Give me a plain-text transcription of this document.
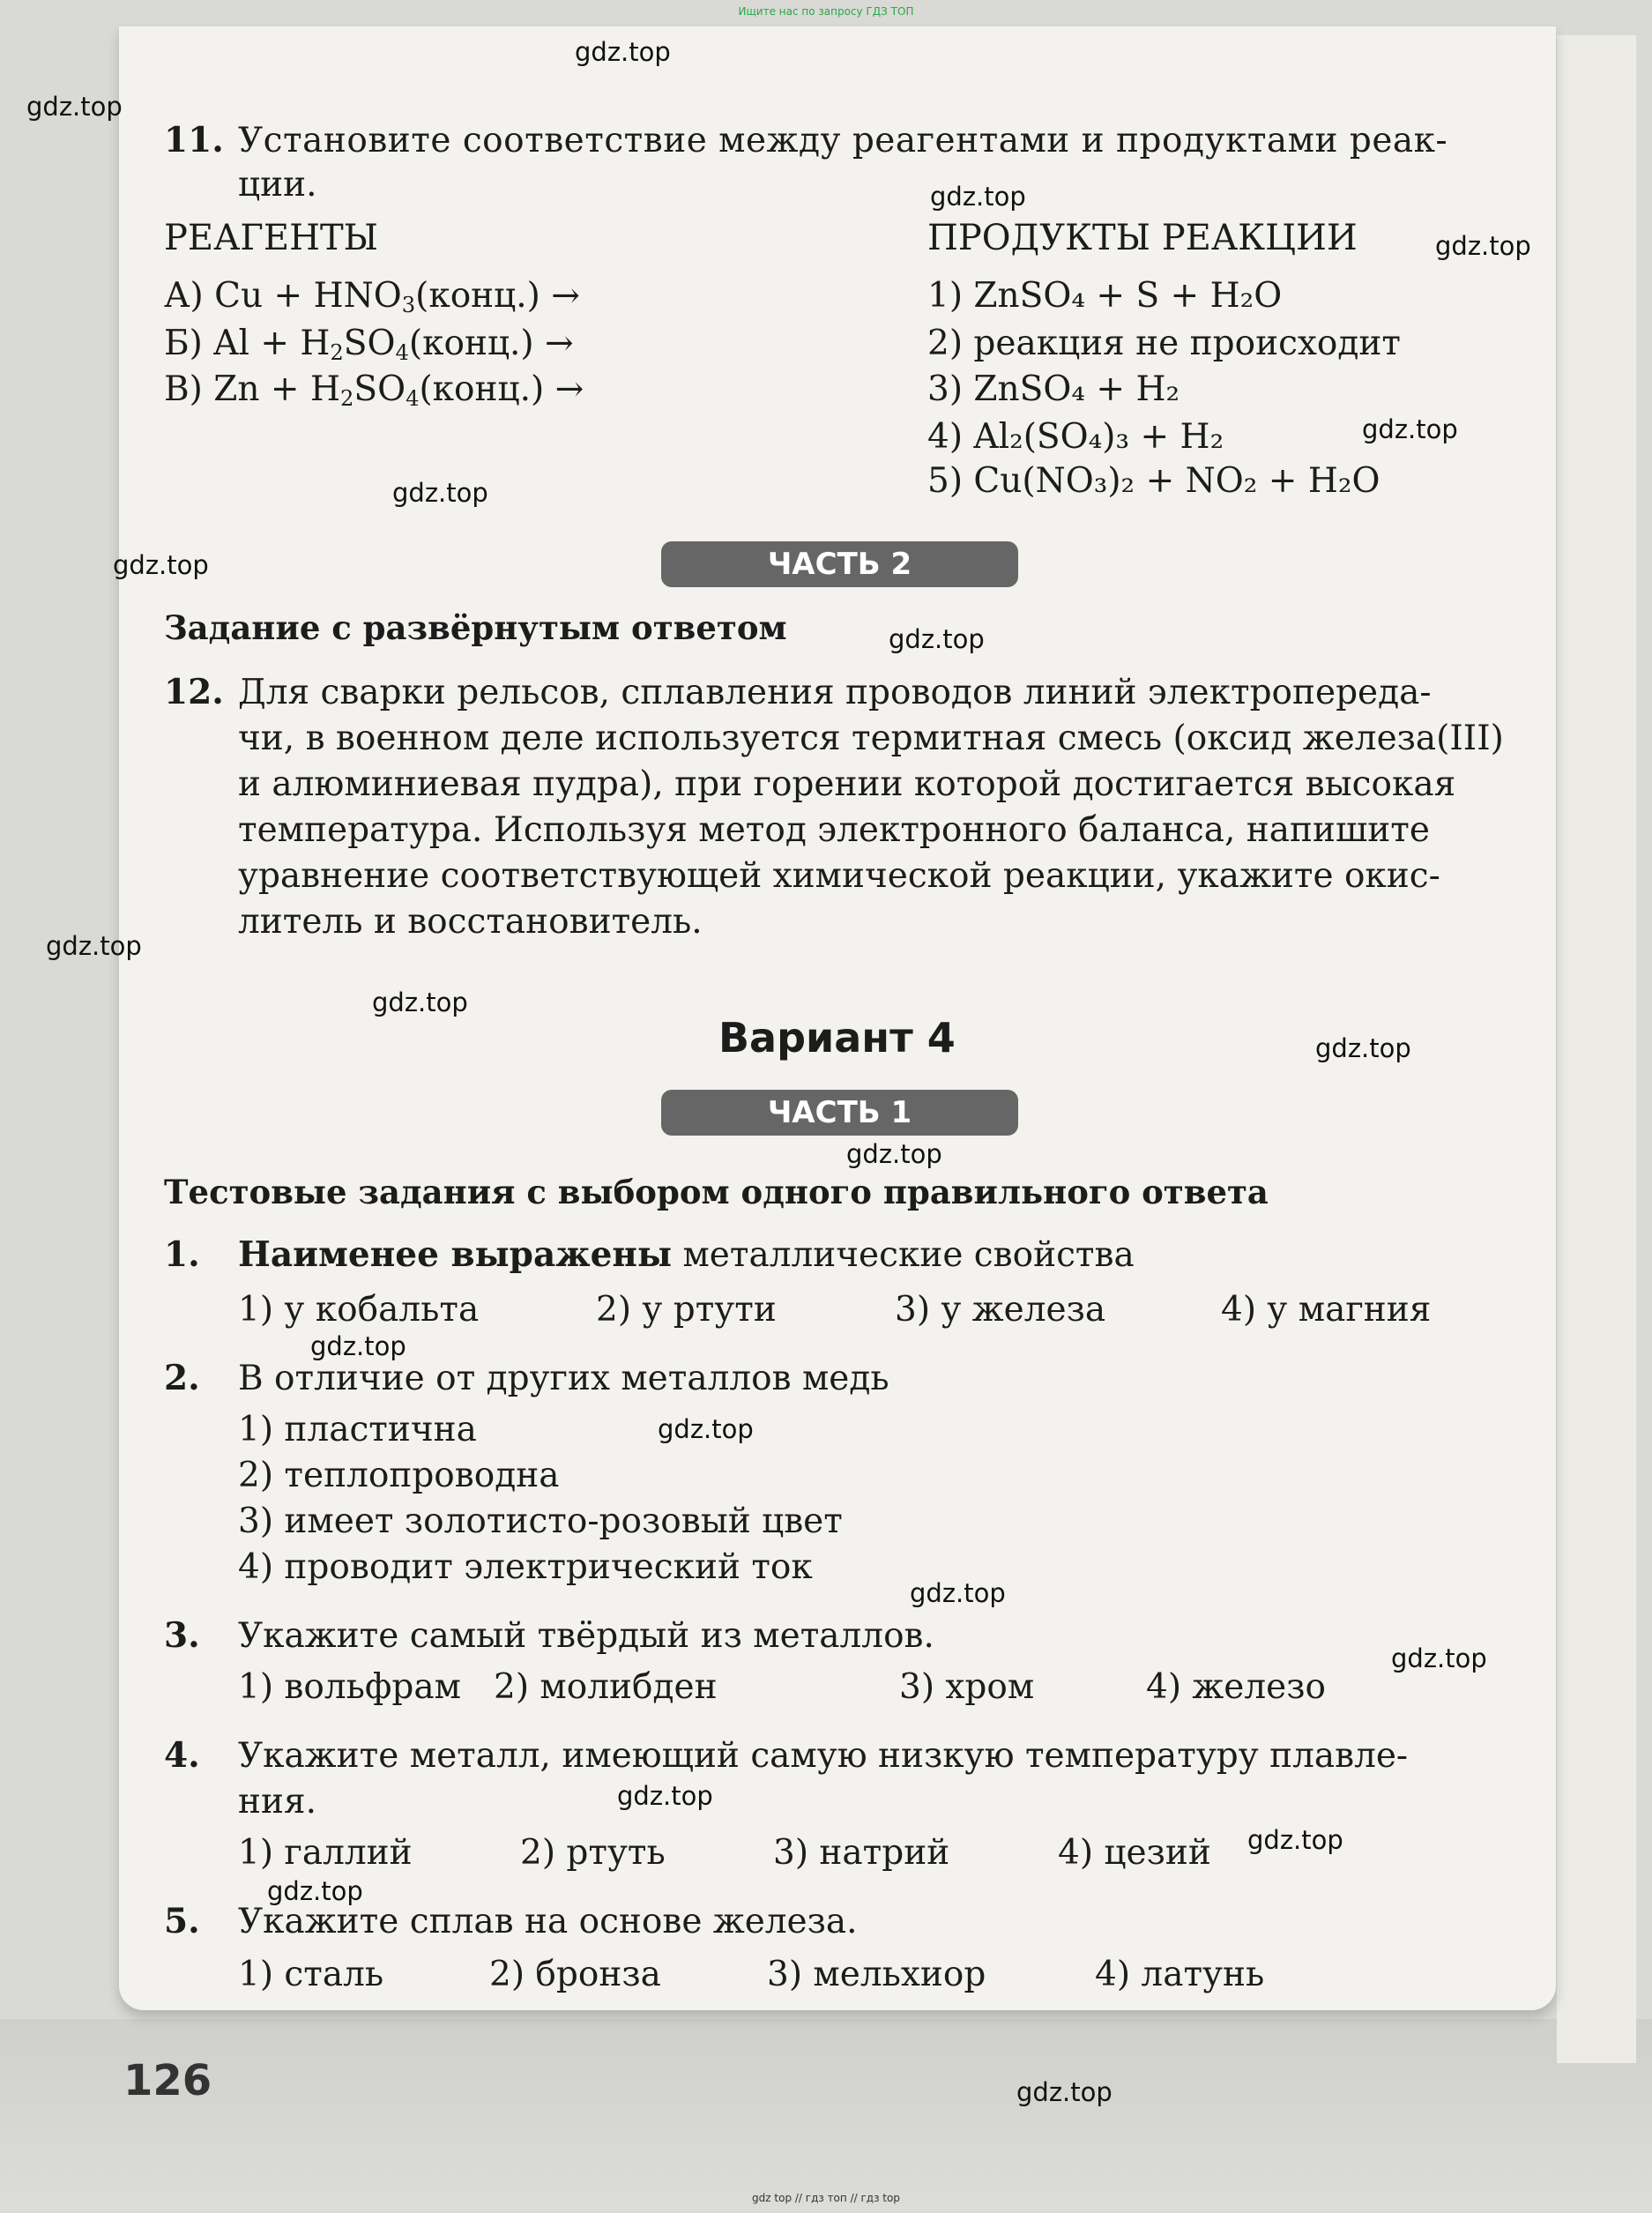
Ищите нас по запросу ГДЗ ТОП
gdz.top
gdz.top
gdz.top
gdz.top
gdz.top
gdz.top
gdz.top
gdz.top
gdz.top
gdz.top
gdz.top
gdz.top
gdz.top
gdz.top
gdz.top
gdz.top
gdz.top
gdz.top
gdz.top
gdz.top
11. Установите соответствие между реагентами и продуктами реак-
ции.
РЕАГЕНТЫ	ПРОДУКТЫ РЕАКЦИИ
А) $Cu + HNO_3(конц.)$ →
Б) $Al + H_2SO_4(конц.)$ →
В) $Zn + H_2SO_4(конц.)$ →
1) ZnSO₄ + S + H₂O
2) реакция не происходит
3) ZnSO₄ + H₂
4) Al₂(SO₄)₃ + H₂
5) Cu(NO₃)₂ + NO₂ + H₂O
ЧАСТЬ 2
Задание с развёрнутым ответом
12. Для сварки рельсов, сплавления проводов линий электропереда-
чи, в военном деле используется термитная смесь (оксид железа(III)
и алюминиевая пудра), при горении которой достигается высокая
температура. Используя метод электронного баланса, напишите
уравнение соответствующей химической реакции, укажите окис-
литель и восстановитель.
Вариант 4
ЧАСТЬ 1
Тестовые задания с выбором одного правильного ответа
1. Наименее выражены металлические свойства
1) у кобальта	2) у ртути	3) у железа	4) у магния
2. В отличие от других металлов медь
1) пластична
2) теплопроводна
3) имеет золотисто-розовый цвет
4) проводит электрический ток
3. Укажите самый твёрдый из металлов.
1) вольфрам 2) молибден	3) хром	4) железо
4. Укажите металл, имеющий самую низкую температуру плавле-
ния.
1) галлий	2) ртуть	3) натрий	4) цезий
5. Укажите сплав на основе железа.
1) сталь	2) бронза	3) мельхиор	4) латунь
126
gdz top // гдз топ // гдз top
